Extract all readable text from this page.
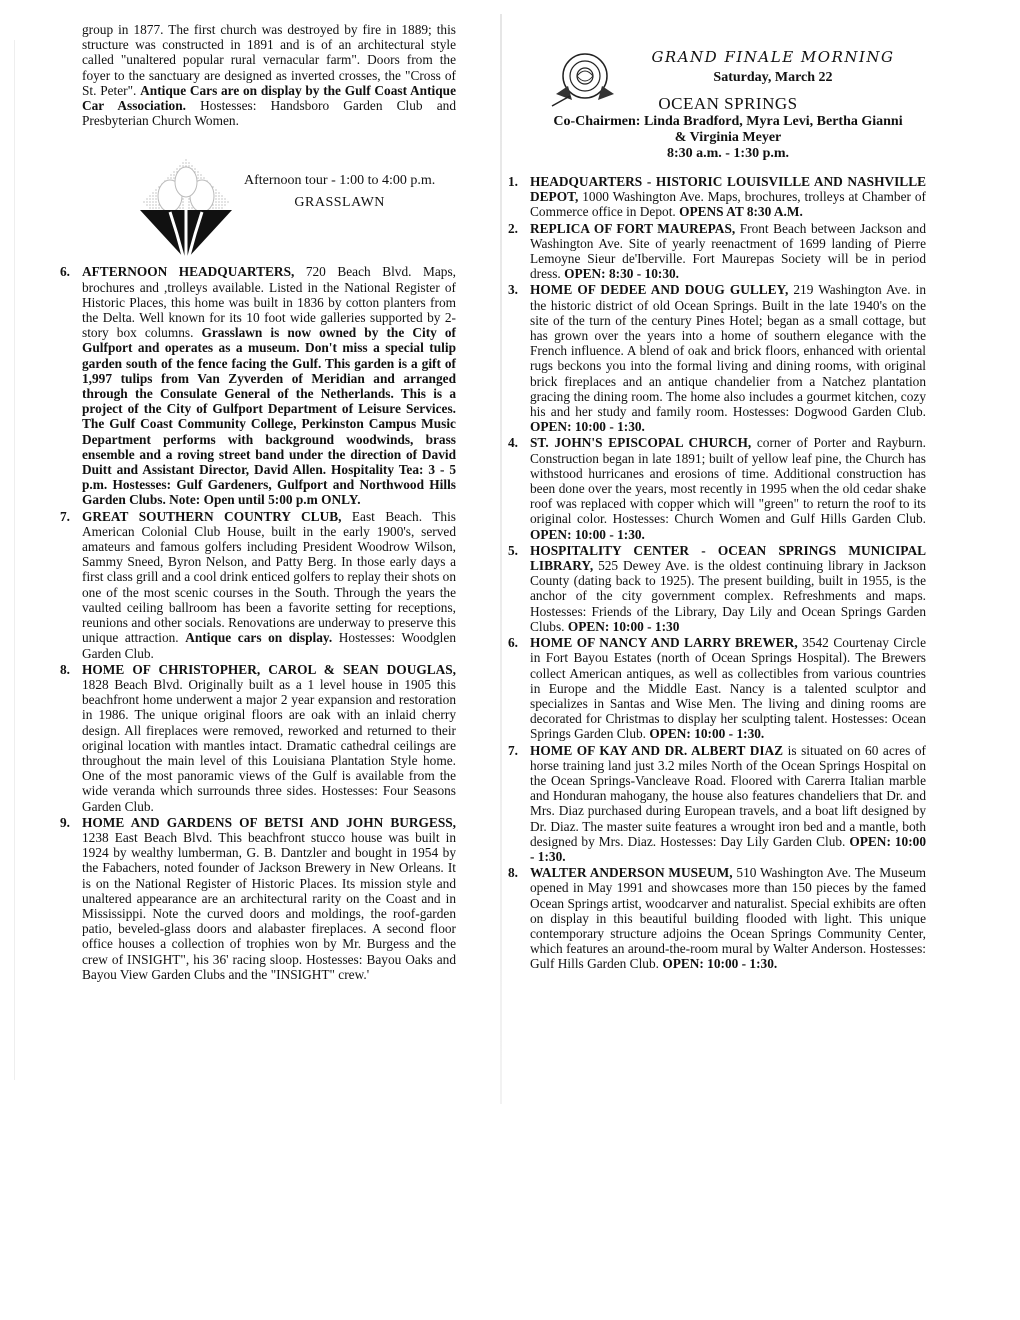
group in 1877. The first church was destroyed by fire in 1889; this structure was constructed in 1891 and is of an architectural style called "unaltered popular rural vernacular farm". Doors from the foyer to the sanctuary are designed as inverted crosses, the "Cross of St. Peter". Antique Cars are on display by the Gulf Coast Antique Car Association. Hostesses: Handsboro Garden Club and Presbyterian Church Women.

Afternoon tour - 1:00 to 4:00 p.m.
GRASSLAWN
6. AFTERNOON HEADQUARTERS, 720 Beach Blvd. Maps, brochures and ,trolleys available. Listed in the National Register of Historic Places, this home was built in 1836 by cotton planters from the Delta. Well known for its 10 foot wide galleries supported by 2-story box columns. Grasslawn is now owned by the City of Gulfport and operates as a museum. Don't miss a special tulip garden south of the fence facing the Gulf. This garden is a gift of 1,997 tulips from Van Zyverden of Meridian and arranged through the Consulate General of the Netherlands. This is a project of the City of Gulfport Department of Leisure Services. The Gulf Coast Community College, Perkinston Campus Music Department performs with background woodwinds, brass ensemble and a roving street band under the direction of David Duitt and Assistant Director, David Allen. Hospitality Tea: 3 - 5 p.m. Hostesses: Gulf Gardeners, Gulfport and Northwood Hills Garden Clubs. Note: Open until 5:00 p.m ONLY.
7. GREAT SOUTHERN COUNTRY CLUB, East Beach. This American Colonial Club House, built in the early 1900's, served amateurs and famous golfers including President Woodrow Wilson, Sammy Sneed, Byron Nelson, and Patty Berg. In those early days a first class grill and a cool drink enticed golfers to replay their shots on one of the most scenic courses in the South. Through the years the vaulted ceiling ballroom has been a favorite setting for receptions, reunions and other socials. Renovations are underway to preserve this unique attraction. Antique cars on display. Hostesses: Woodglen Garden Club.
8. HOME OF CHRISTOPHER, CAROL & SEAN DOUGLAS, 1828 Beach Blvd. Originally built as a 1 level house in 1905 this beachfront home underwent a major 2 year expansion and restoration in 1986. The unique original floors are oak with an inlaid cherry design. All fireplaces were removed, reworked and returned to their original location with mantles intact. Dramatic cathedral ceilings are throughout the main level of this Louisiana Plantation Style home. One of the most panoramic views of the Gulf is available from the wide veranda which surrounds three sides. Hostesses: Four Seasons Garden Club.
9. HOME AND GARDENS OF BETSI AND JOHN BURGESS, 1238 East Beach Blvd. This beachfront stucco house was built in 1924 by wealthy lumberman, G. B. Dantzler and bought in 1954 by the Fabachers, noted founder of Jackson Brewery in New Orleans. It is on the National Register of Historic Places. Its mission style and unaltered appearance are an architectural rarity on the Coast and in Mississippi. Note the curved doors and moldings, the roof-garden patio, beveled-glass doors and alabaster fireplaces. A second floor office houses a collection of trophies won by Mr. Burgess and the crew of INSIGHT", his 36' racing sloop. Hostesses: Bayou Oaks and Bayou View Garden Clubs and the "INSIGHT" crew.'
GRAND FINALE MORNING
Saturday, March 22
OCEAN SPRINGS
Co-Chairmen: Linda Bradford, Myra Levi, Bertha Gianni & Virginia Meyer
8:30 a.m. - 1:30 p.m.
1. HEADQUARTERS - HISTORIC LOUISVILLE AND NASHVILLE DEPOT, 1000 Washington Ave. Maps, brochures, trolleys at Chamber of Commerce office in Depot. OPENS AT 8:30 A.M.
2. REPLICA OF FORT MAUREPAS, Front Beach between Jackson and Washington Ave. Site of yearly reenactment of 1699 landing of Pierre Lemoyne Sieur de'Iberville. Fort Maurepas Society will be in period dress. OPEN: 8:30 - 10:30.
3. HOME OF DEDEE AND DOUG GULLEY, 219 Washington Ave. in the historic district of old Ocean Springs. Built in the late 1940's on the site of the turn of the century Pines Hotel; began as a small cottage, but has grown over the years into a home of southern elegance with the French influence. A blend of oak and brick floors, enhanced with oriental rugs beckons you into the formal living and dining rooms, with original brick fireplaces and an antique chandelier from a Natchez plantation gracing the dining room. The home also includes a gourmet kitchen, cozy his and her study and family room. Hostesses: Dogwood Garden Club. OPEN: 10:00 - 1:30.
4. ST. JOHN'S EPISCOPAL CHURCH, corner of Porter and Rayburn. Construction began in late 1891; built of yellow leaf pine, the Church has withstood hurricanes and erosions of time. Additional construction has been done over the years, most recently in 1995 when the old cedar shake roof was replaced with copper which will "green" to return the roof to its original color. Hostesses: Church Women and Gulf Hills Garden Club. OPEN: 10:00 - 1:30.
5. HOSPITALITY CENTER - OCEAN SPRINGS MUNICIPAL LIBRARY, 525 Dewey Ave. is the oldest continuing library in Jackson County (dating back to 1925). The present building, built in 1955, is the anchor of the city government complex. Refreshments and maps. Hostesses: Friends of the Library, Day Lily and Ocean Springs Garden Clubs. OPEN: 10:00 - 1:30
6. HOME OF NANCY AND LARRY BREWER, 3542 Courtenay Circle in Fort Bayou Estates (north of Ocean Springs Hospital). The Brewers collect American antiques, as well as collectibles from various countries in Europe and the Middle East. Nancy is a talented sculptor and specializes in Santas and Wise Men. The living and dining rooms are decorated for Christmas to display her sculpting talent. Hostesses: Ocean Springs Garden Club. OPEN: 10:00 - 1:30.
7. HOME OF KAY AND DR. ALBERT DIAZ is situated on 60 acres of horse training land just 3.2 miles North of the Ocean Springs Hospital on the Ocean Springs-Vancleave Road. Floored with Carerra Italian marble and Honduran mahogany, the house also features chandeliers that Dr. and Mrs. Diaz purchased during European travels, and a boat lift designed by Dr. Diaz. The master suite features a wrought iron bed and a mantle, both designed by Mrs. Diaz. Hostesses: Day Lily Garden Club. OPEN: 10:00 - 1:30.
8. WALTER ANDERSON MUSEUM, 510 Washington Ave. The Museum opened in May 1991 and showcases more than 150 pieces by the famed Ocean Springs artist, woodcarver and naturalist. Special exhibits are often on display in this beautiful building flooded with light. This unique contemporary structure adjoins the Ocean Springs Community Center, which features an around-the-room mural by Walter Anderson. Hostesses: Gulf Hills Garden Club. OPEN: 10:00 - 1:30.
